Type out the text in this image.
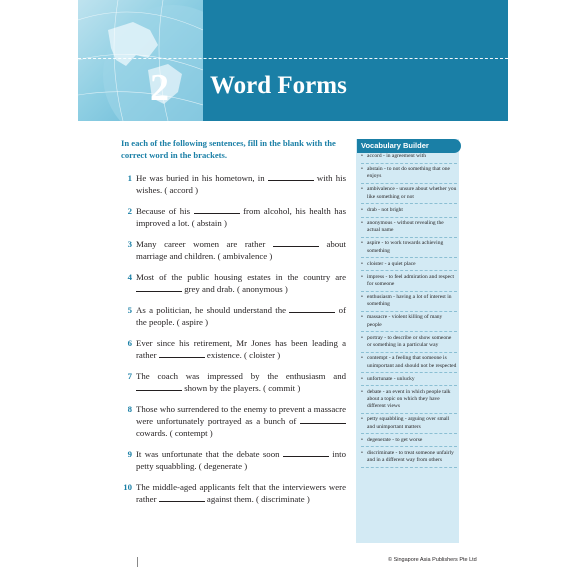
2 Word Forms
In each of the following sentences, fill in the blank with the correct word in the brackets.
1 He was buried in his hometown, in	with his wishes. ( accord )
2 Because of his	from alcohol, his health has improved a lot. ( abstain )
3 Many career women are rather	about marriage and children. ( ambivalence )
4 Most of the public housing estates in the country are  grey and drab. ( anonymous )
5 As a politician, he should understand the	of the people. ( aspire )
6 Ever since his retirement, Mr Jones has been leading a rather	existence. ( cloister )
7 The coach was impressed by the enthusiasm and  shown by the players. ( commit )
8 Those who surrendered to the enemy to prevent a massacre were unfortunately portrayed as a bunch of  cowards. ( contempt )
9 It was unfortunate that the debate soon	into petty squabbling. ( degenerate )
10 The middle-aged applicants felt that the interviewers were rather	against them. ( discriminate )
Vocabulary Builder
• accord - in agreement with
• abstain - to not do something that one enjoys
• ambivalence - unsure about whether you like something or not
• drab - not bright
• anonymous - without revealing the actual name
• aspire - to work towards achieving something
• cloister - a quiet place
• impress - to feel admiration and respect for someone
• enthusiasm - having a lot of interest in something
• massacre - violent killing of many people
• portray - to describe or show someone or something in a particular way
• contempt - a feeling that someone is unimportant and should not be respected
• unfortunate - unlucky
• debate - an event in which people talk about a topic on which they have different views
• petty squabbling - arguing over small and unimportant matters
• degenerate - to get worse
• discriminate - to treat someone unfairly and in a different way from others
© Singapore Asia Publishers Pte Ltd
